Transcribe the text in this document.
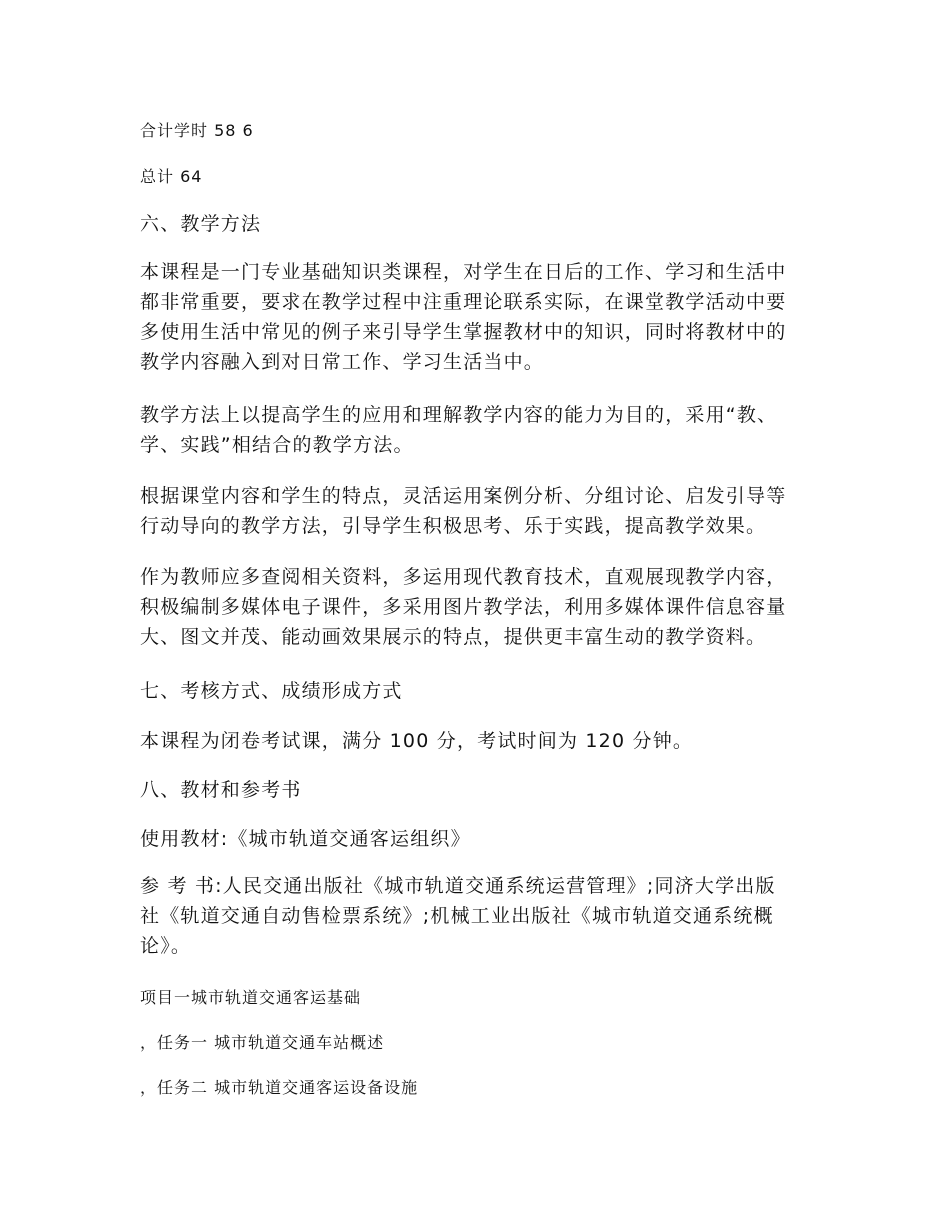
合计学时 58 6

总计 64

六、教学方法

本课程是一门专业基础知识类课程，对学生在日后的工作、学习和生活中
都非常重要，要求在教学过程中注重理论联系实际，在课堂教学活动中要
多使用生活中常见的例子来引导学生掌握教材中的知识，同时将教材中的
教学内容融入到对日常工作、学习生活当中。
教学方法上以提高学生的应用和理解教学内容的能力为目的，采用“教、
学、实践”相结合的教学方法。
根据课堂内容和学生的特点，灵活运用案例分析、分组讨论、启发引导等
行动导向的教学方法，引导学生积极思考、乐于实践，提高教学效果。
作为教师应多查阅相关资料，多运用现代教育技术，直观展现教学内容，
积极编制多媒体电子课件，多采用图片教学法，利用多媒体课件信息容量
大、图文并茂、能动画效果展示的特点，提供更丰富生动的教学资料。

七、考核方式、成绩形成方式

本课程为闭卷考试课，满分 100 分，考试时间为 120 分钟。

八、教材和参考书

使用教材:《城市轨道交通客运组织》

参 考 书:人民交通出版社《城市轨道交通系统运营管理》;同济大学出版
社《轨道交通自动售检票系统》;机械工业出版社《城市轨道交通系统概
论》。

项目一城市轨道交通客运基础

，任务一 城市轨道交通车站概述

，任务二 城市轨道交通客运设备设施
